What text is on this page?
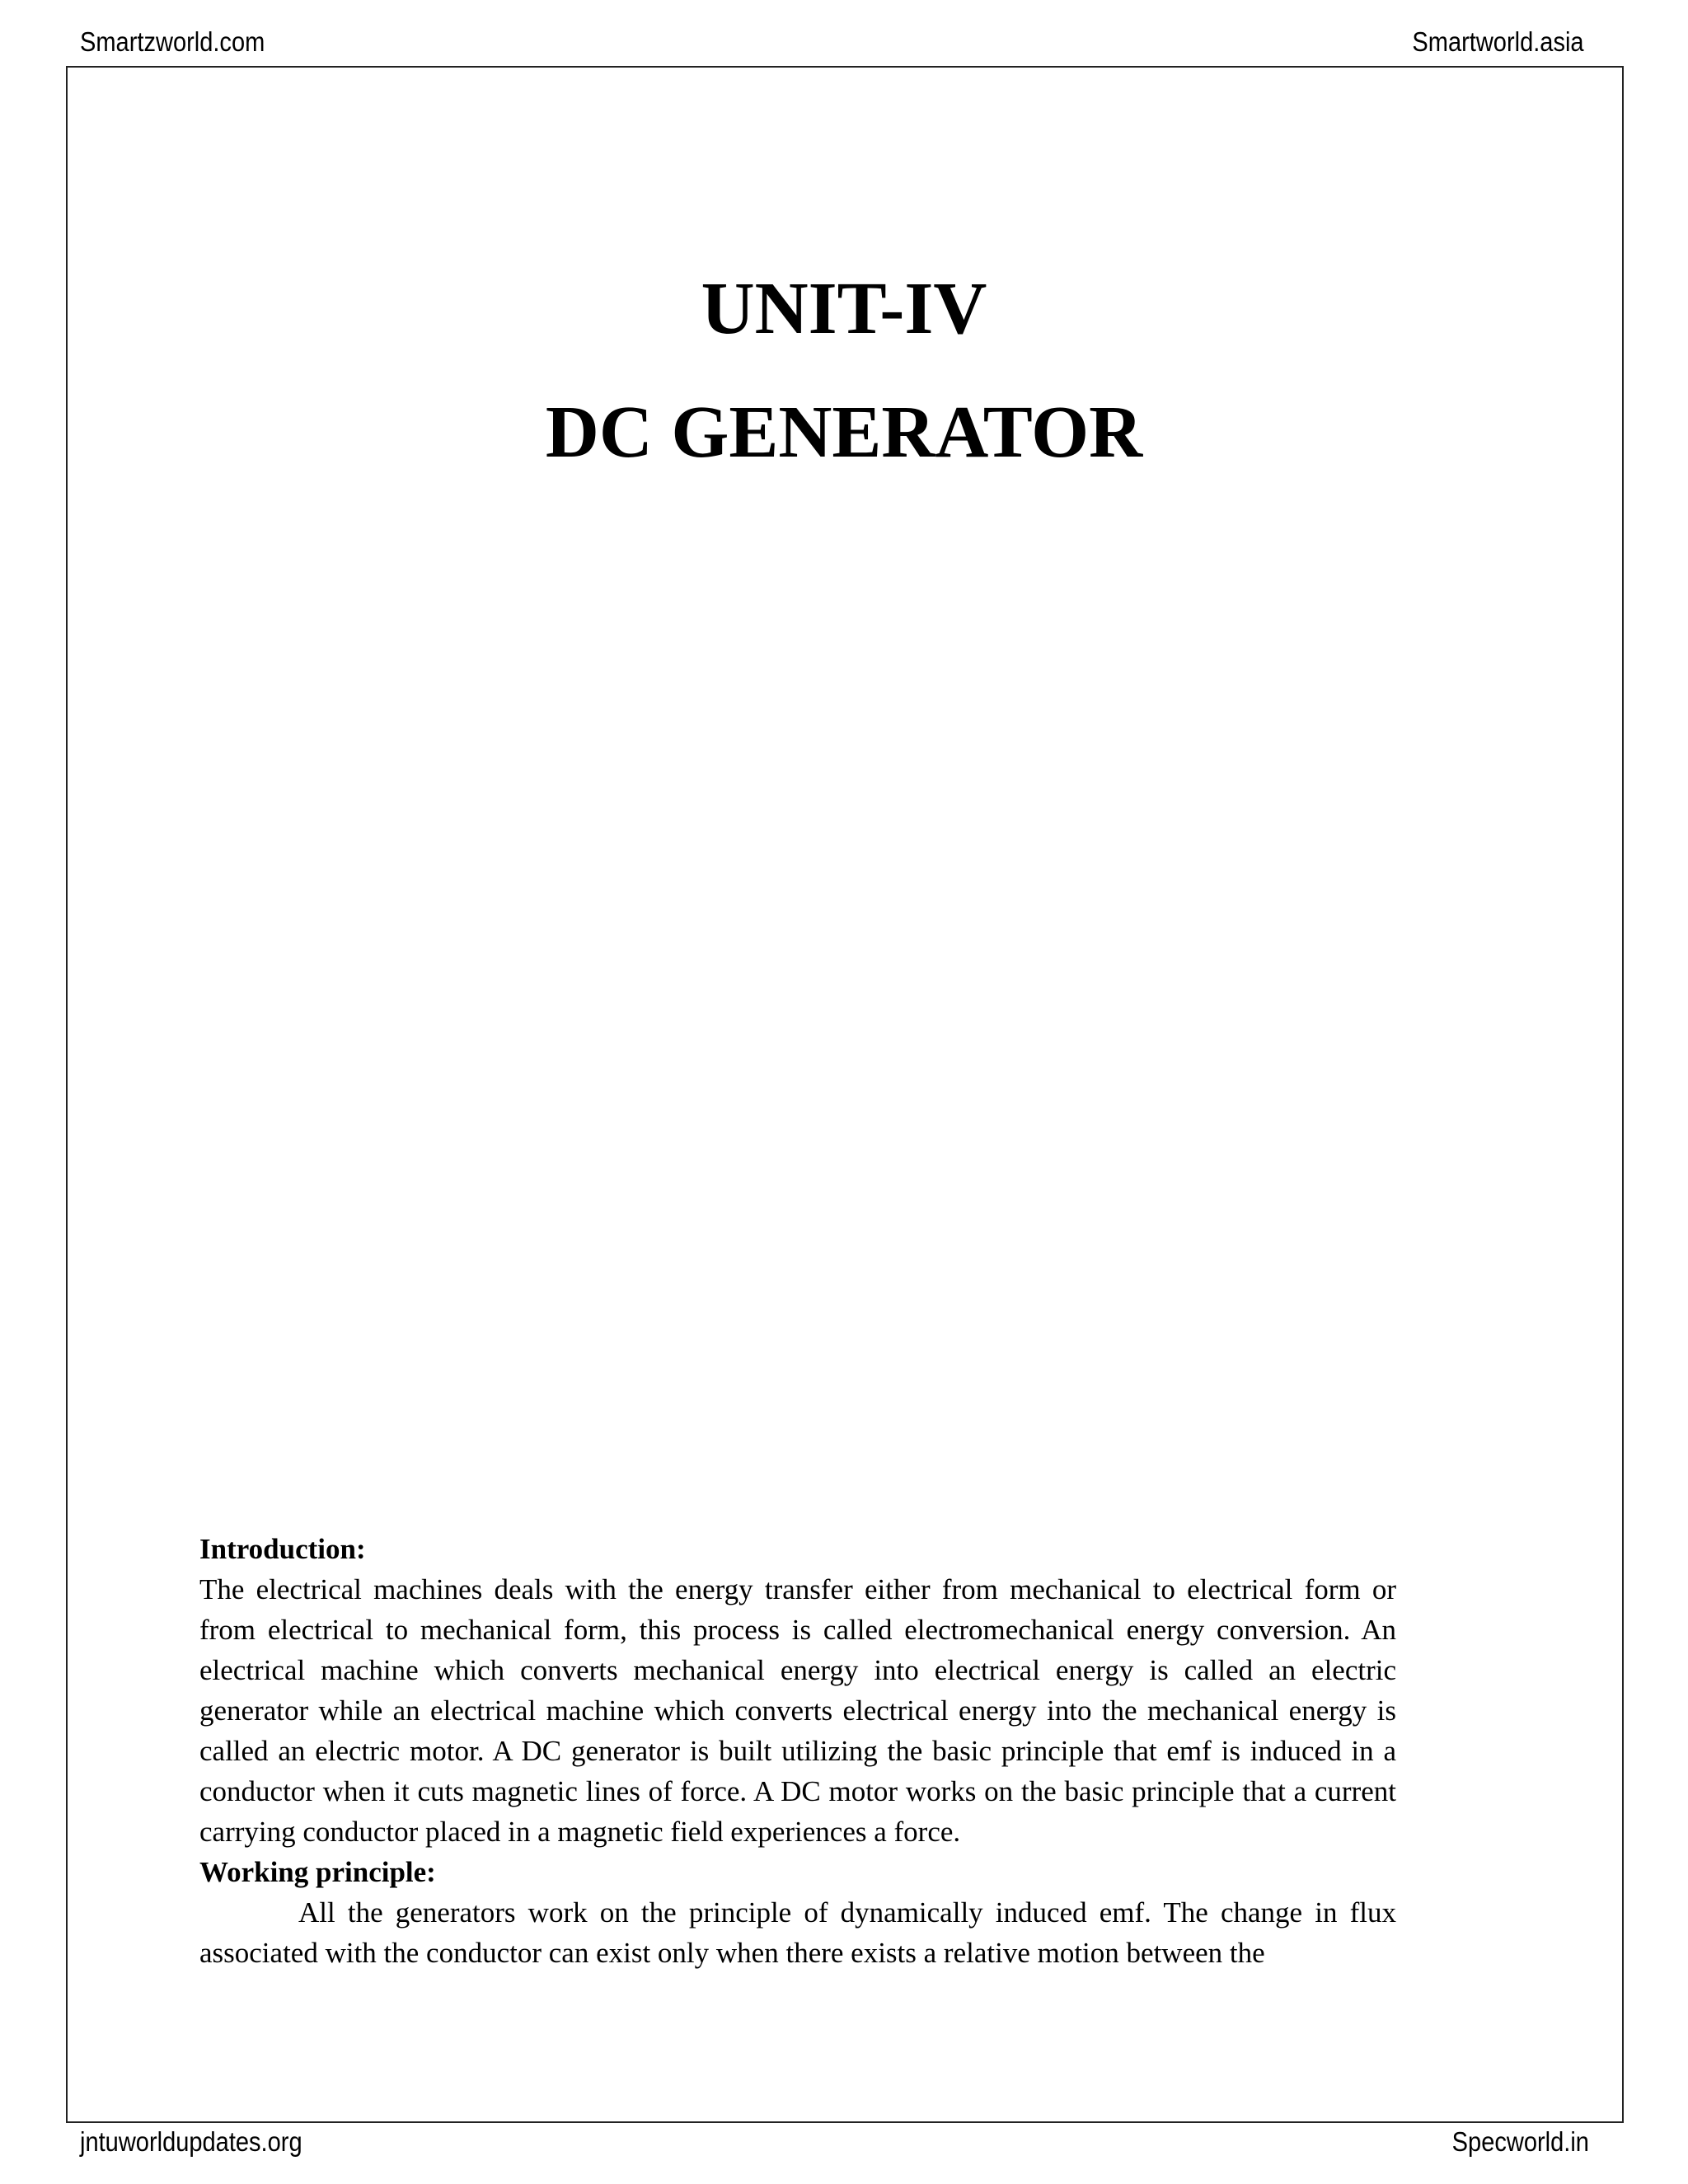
Smartzworld.com	Smartworld.asia
UNIT-IV
DC GENERATOR

Introduction:

The electrical machines deals with the energy transfer either from mechanical to electrical form or from electrical to mechanical form, this process is called electromechanical energy conversion. An electrical machine which converts mechanical energy into electrical energy is called an electric generator while an electrical machine which converts electrical energy into the mechanical energy is called an electric motor. A DC generator is built utilizing the basic principle that emf is induced in a conductor when it cuts magnetic lines of force. A DC motor works on the basic principle that a current carrying conductor placed in a magnetic field experiences a force.

Working principle:

All the generators work on the principle of dynamically induced emf. The change in flux associated with the conductor can exist only when there exists a relative motion between the

jntuworldupdates.org	Specworld.in
